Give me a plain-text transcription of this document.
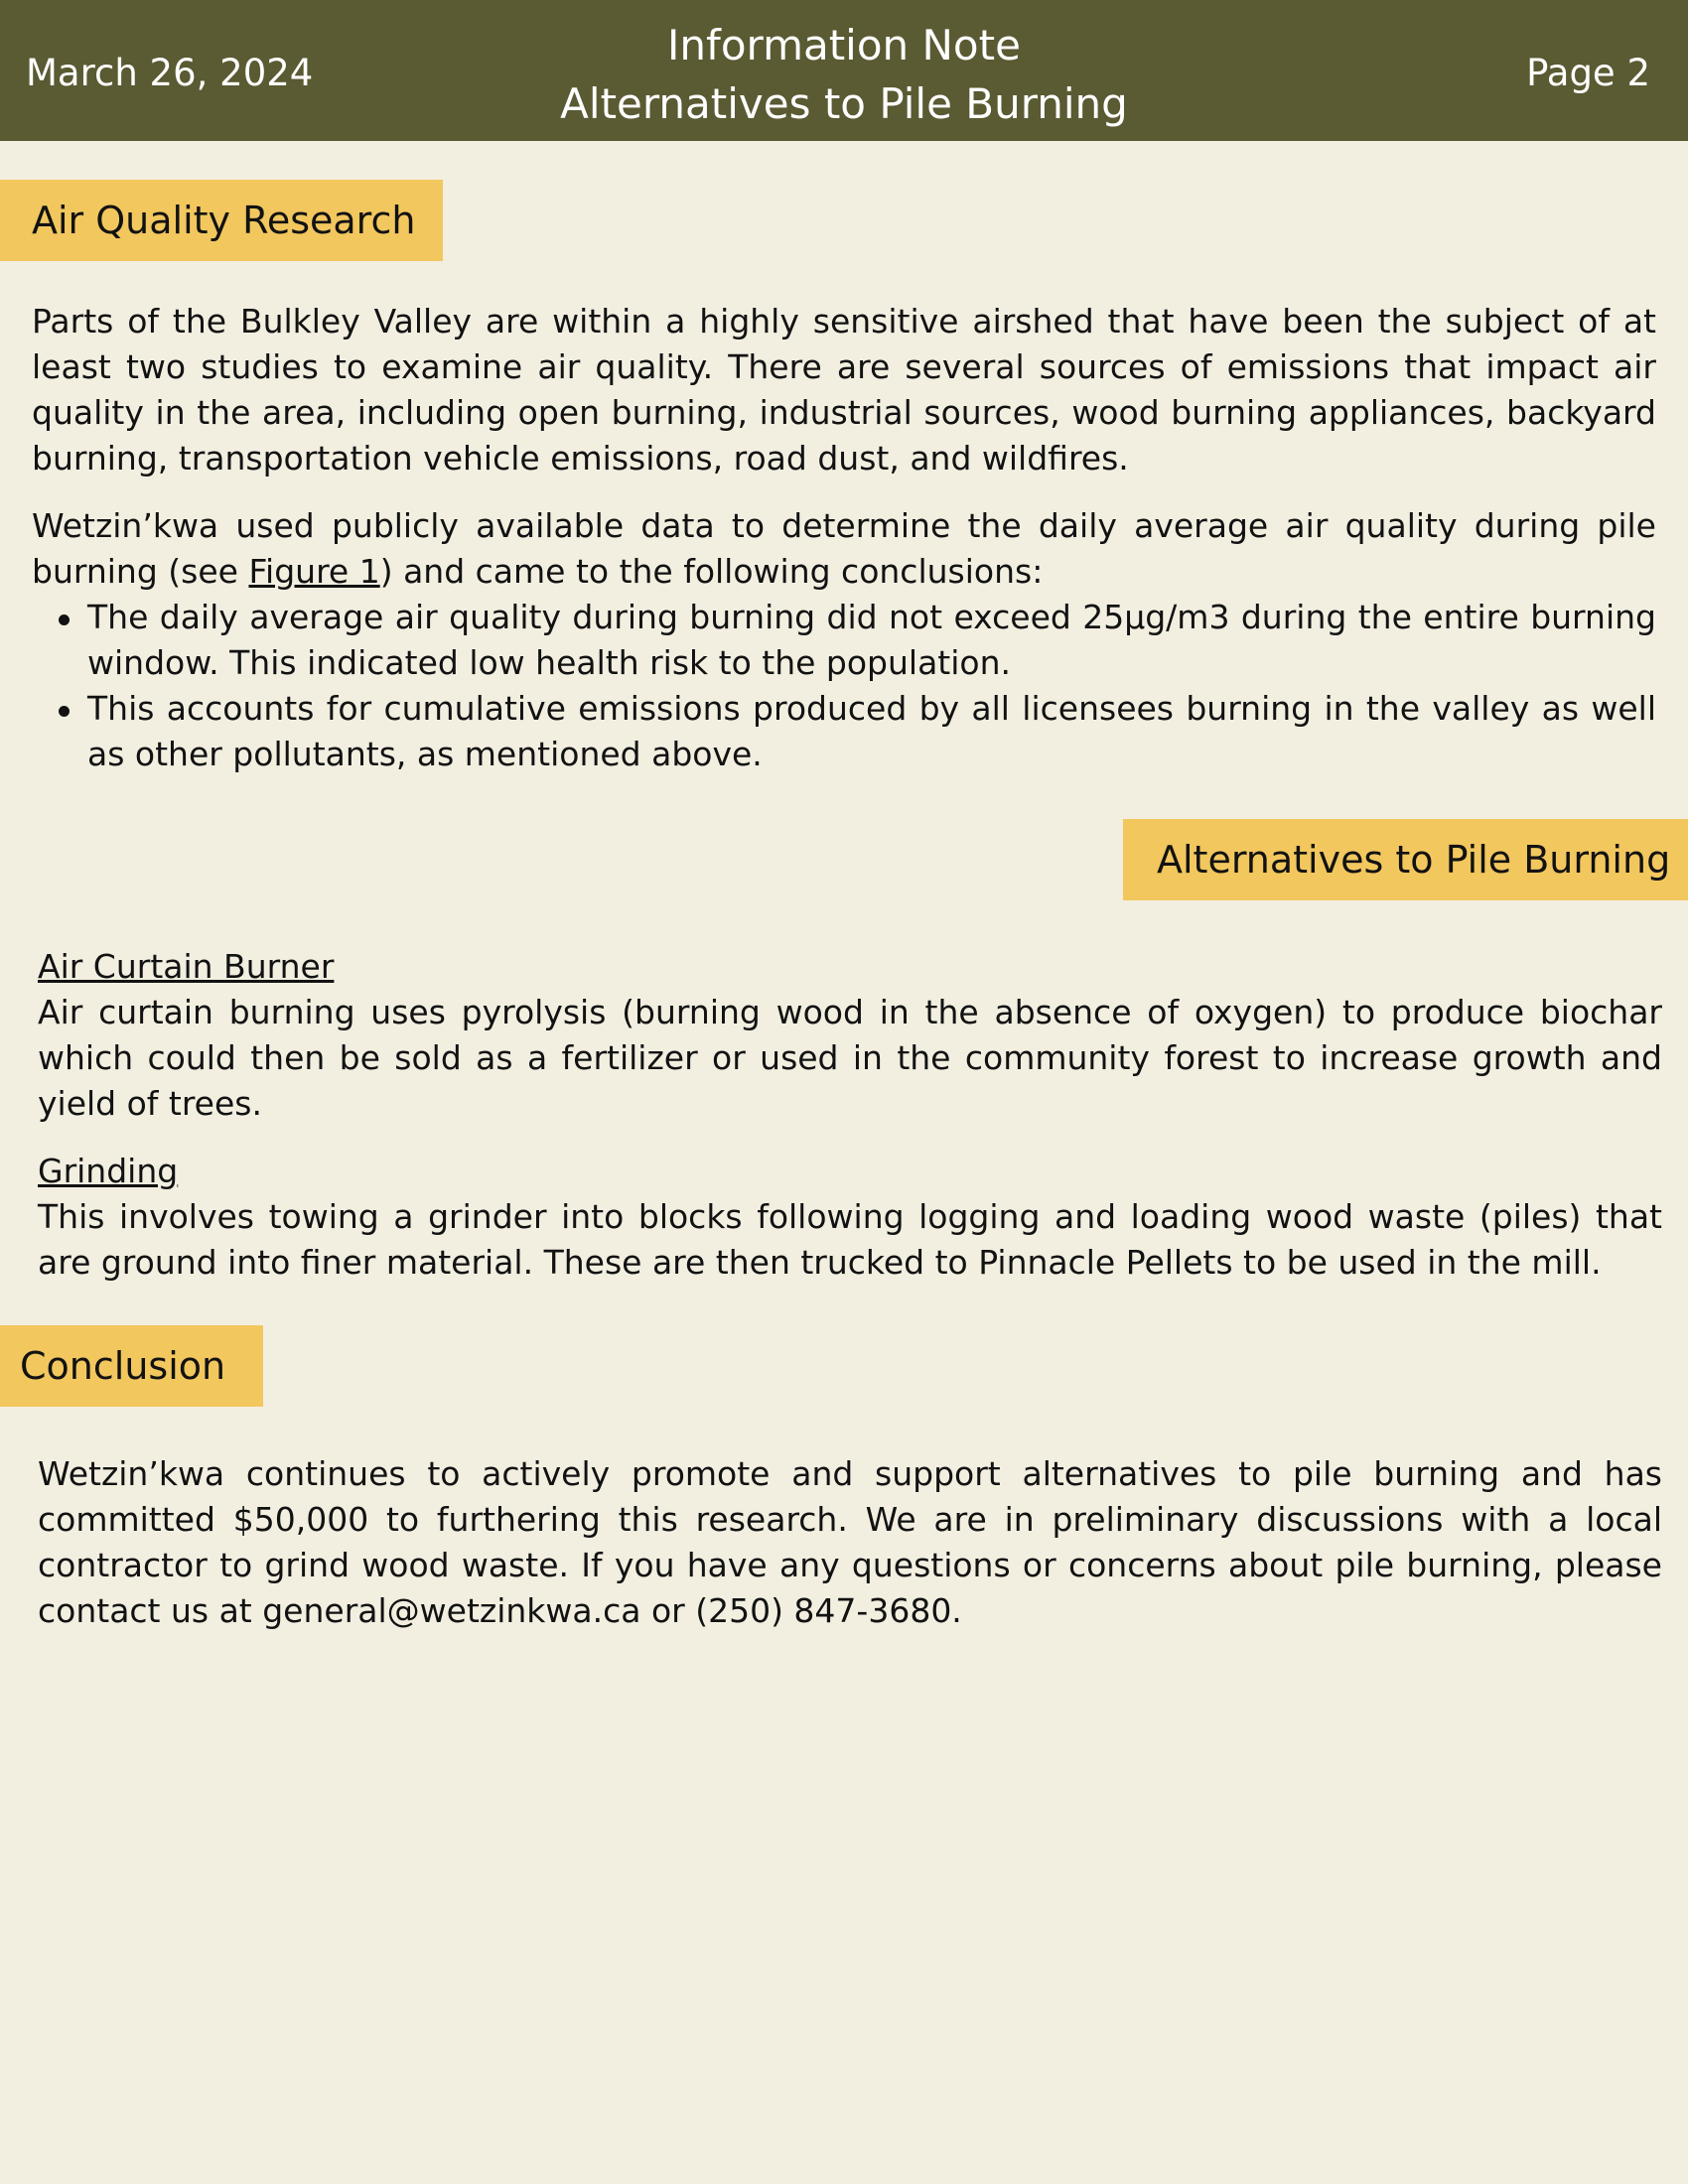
March 26, 2024
Information Note
Alternatives to Pile Burning
Page 2
Air Quality Research

Parts of the Bulkley Valley are within a highly sensitive airshed that have been the subject of at least two studies to examine air quality. There are several sources of emissions that impact air quality in the area, including open burning, industrial sources, wood burning appliances, backyard burning, transportation vehicle emissions, road dust, and wildfires.

Wetzin’kwa used publicly available data to determine the daily average air quality during pile burning (see Figure 1) and came to the following conclusions:

The daily average air quality during burning did not exceed 25µg/m3 during the entire burning window. This indicated low health risk to the population.
This accounts for cumulative emissions produced by all licensees burning in the valley as well as other pollutants, as mentioned above.
Alternatives to Pile Burning
Air Curtain Burner

Air curtain burning uses pyrolysis (burning wood in the absence of oxygen) to produce biochar which could then be sold as a fertilizer or used in the community forest to increase growth and yield of trees.

Grinding

This involves towing a grinder into blocks following logging and loading wood waste (piles) that are ground into finer material. These are then trucked to Pinnacle Pellets to be used in the mill.

Conclusion

Wetzin’kwa continues to actively promote and support alternatives to pile burning and has committed $50,000 to furthering this research. We are in preliminary discussions with a local contractor to grind wood waste. If you have any questions or concerns about pile burning, please contact us at general@wetzinkwa.ca or (250) 847-3680.
